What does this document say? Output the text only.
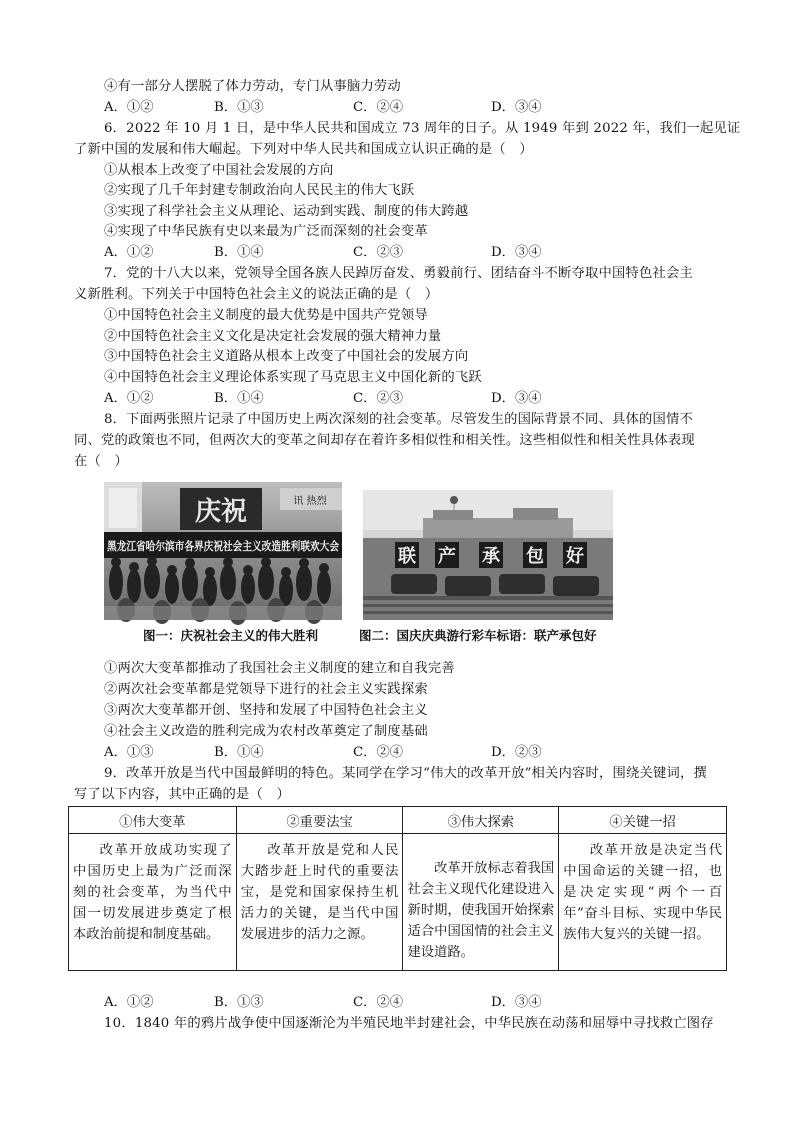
④有一部分人摆脱了体力劳动，专门从事脑力劳动
A．①②	B．①③	C．②④	D．③④
6．2022 年 10 月 1 日，是中华人民共和国成立 73 周年的日子。从 1949 年到 2022 年，我们一起见证
了新中国的发展和伟大崛起。下列对中华人民共和国成立认识正确的是（　）
①从根本上改变了中国社会发展的方向
②实现了几千年封建专制政治向人民民主的伟大飞跃
③实现了科学社会主义从理论、运动到实践、制度的伟大跨越
④实现了中华民族有史以来最为广泛而深刻的社会变革
A．①②	B．①④	C．②③	D．③④
7．党的十八大以来，党领导全国各族人民踔厉奋发、勇毅前行、团结奋斗不断夺取中国特色社会主
义新胜利。下列关于中国特色社会主义的说法正确的是（　）
①中国特色社会主义制度的最大优势是中国共产党领导
②中国特色社会主义文化是决定社会发展的强大精神力量
③中国特色社会主义道路从根本上改变了中国社会的发展方向
④中国特色社会主义理论体系实现了马克思主义中国化新的飞跃
A．①②	B．①④	C．②③	D．③④
8．下面两张照片记录了中国历史上两次深刻的社会变革。尽管发生的国际背景不同、具体的国情不
同、党的政策也不同，但两次大的变革之间却存在着许多相似性和相关性。这些相似性和相关性具体表现
在（　）
庆祝	讯 热烈
黑龙江省哈尔滨市各界庆祝社会主义改造胜利联欢大会
图一：庆祝社会主义的伟大胜利
联 产 承 包 好
图二：国庆庆典游行彩车标语：联产承包好
①两次大变革都推动了我国社会主义制度的建立和自我完善
②两次社会变革都是党领导下进行的社会主义实践探索
③两次大变革都开创、坚持和发展了中国特色社会主义
④社会主义改造的胜利完成为农村改革奠定了制度基础
A．①③	B．①④	C．②④	D．②③
9．改革开放是当代中国最鲜明的特色。某同学在学习“伟大的改革开放”相关内容时，围绕关键词，撰
写了以下内容，其中正确的是（　）
①伟大变革	②重要法宝	③伟大探索	④关键一招

改革开放成功实现了中国历史上最为广泛而深刻的社会变革，为当代中国一切发展进步奠定了根本政治前提和制度基础。	改革开放是党和人民大踏步赶上时代的重要法宝，是党和国家保持生机活力的关键，是当代中国发展进步的活力之源。	改革开放标志着我国社会主义现代化建设进入新时期，使我国开始探索适合中国国情的社会主义建设道路。	改革开放是决定当代中国命运的关键一招，也是决定实现“两个一百年”奋斗目标、实现中华民族伟大复兴的关键一招。
A．①②	B．①③	C．②④	D．③④
10．1840 年的鸦片战争使中国逐渐沦为半殖民地半封建社会，中华民族在动荡和屈辱中寻找救亡图存
